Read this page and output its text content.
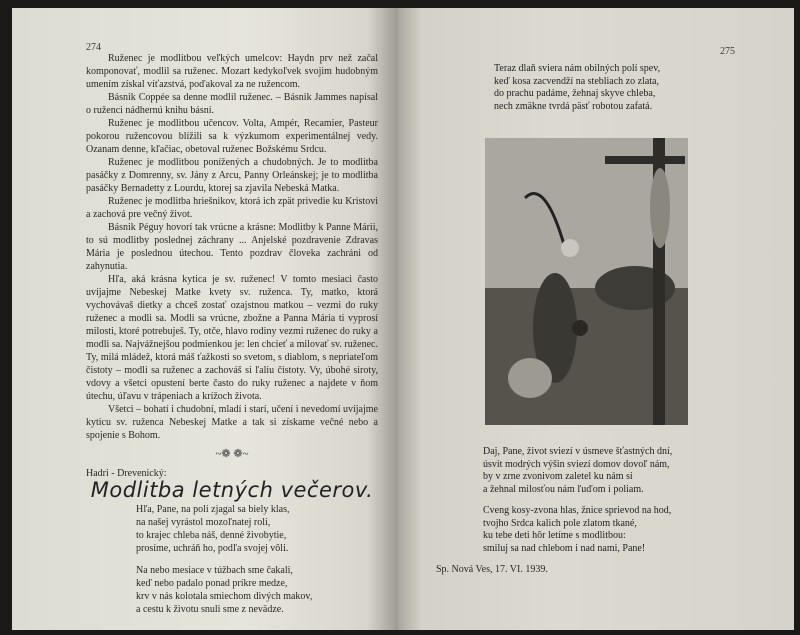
274

Ruženec je modlitbou veľkých umelcov: Haydn prv než začal komponovať, modlil sa ruženec. Mozart kedykoľvek svojim hudobným umením získal víťazstvá, poďakoval za ne ružencom.

Básnik Coppée sa denne modlil ruženec. – Básnik Jammes napísal o ruženci nádhernú knihu básní.

Ruženec je modlitbou učencov. Volta, Ampér, Recamier, Pasteur pokorou ružencovou blížili sa k výzkumom experimentálnej vedy. Ozanam denne, kľačiac, obetoval ruženec Božskému Srdcu.

Ruženec je modlitbou ponížených a chudobných. Je to modlitba pasáčky z Domrenny, sv. Jány z Arcu, Panny Orleánskej; je to modlitba pasáčky Bernadetty z Lourdu, ktorej sa zjavila Nebeská Matka.

Ruženec je modlitba hriešnikov, ktorá ich zpät privedie ku Kristovi a zachová pre večný život.

Básnik Péguy hovorí tak vrúcne a krásne: Modlitby k Panne Márii, to sú modlitby poslednej záchrany ... Anjelské pozdravenie Zdravas Mária je poslednou útechou. Tento pozdrav človeka zachráni od zahynutia.

Hľa, aká krásna kytica je sv. ruženec! V tomto mesiaci často uvíjajme Nebeskej Matke kvety sv. ruženca. Ty, matko, ktorá vychovávaš dietky a chceš zostať ozajstnou matkou – vezmi do ruky ruženec a modli sa. Modli sa vrúcne, zbožne a Panna Mária ti vyprosí milosti, ktoré potrebuješ. Ty, otče, hlavo rodiny vezmi ruženec do ruky a modli sa. Najvážnejšou podmienkou je: len chcieť a milovať sv. ruženec. Ty, milá mládež, ktorá máš ťažkosti so svetom, s diablom, s nepriateľom čistoty – modli sa ruženec a zachováš si ľaliu čistoty. Vy, úbohé siroty, vdovy a všetci opustení berte často do ruky ruženec a najdete v ňom útechu, úľavu v trápeniach a krížoch života.

Všetci – bohatí i chudobní, mladí i starí, učení i nevedomí uvíjajme kyticu sv. ruženca Nebeskej Matke a tak si získame večné nebo a spojenie s Bohom.

~❁ ❁~
Hadri - Drevenický:
Modlitba letných večerov.
Hľa, Pane, na poli zjagal sa biely klas,
na našej vyrástol mozoľnatej roli,
to krajec chleba náš, denné živobytie,
prosíme, uchráň ho, podľa svojej vôli.
Na nebo mesiace v túžbach sme čakali,
keď nebo padalo ponad príkre medze,
krv v nás kolotala smiechom divých makov,
a cestu k životu snuli sme z nevädze.
275
Teraz dlaň sviera nám obilných polí spev,
keď kosa zacvendží na stebliach zo zlata,
do prachu padáme, žehnaj skyve chleba,
nech zmäkne tvrdá päsť robotou zafatá.
Daj, Pane, život sviezí v úsmeve šťastných dní,
úsvit modrých výšin sviezí domov dovoľ nám,
by v zrne zvonivom zaletel ku nám si
a žehnal milosťou nám ľuďom i poliam.
Cveng kosy-zvona hlas, žnice sprievod na hod,
tvojho Srdca kalich pole zlatom tkané,
ku tebe deti hôr letíme s modlitbou:
smiluj sa nad chlebom i nad nami, Pane!
Sp. Nová Ves, 17. VI. 1939.
